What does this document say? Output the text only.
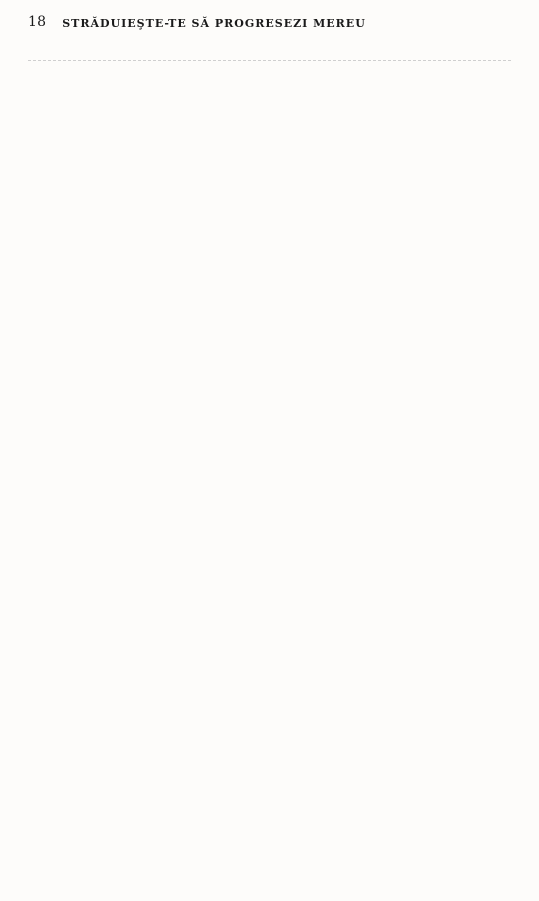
18 STRĂDUIEŞTE-TE SĂ PROGRESEZI MEREU
